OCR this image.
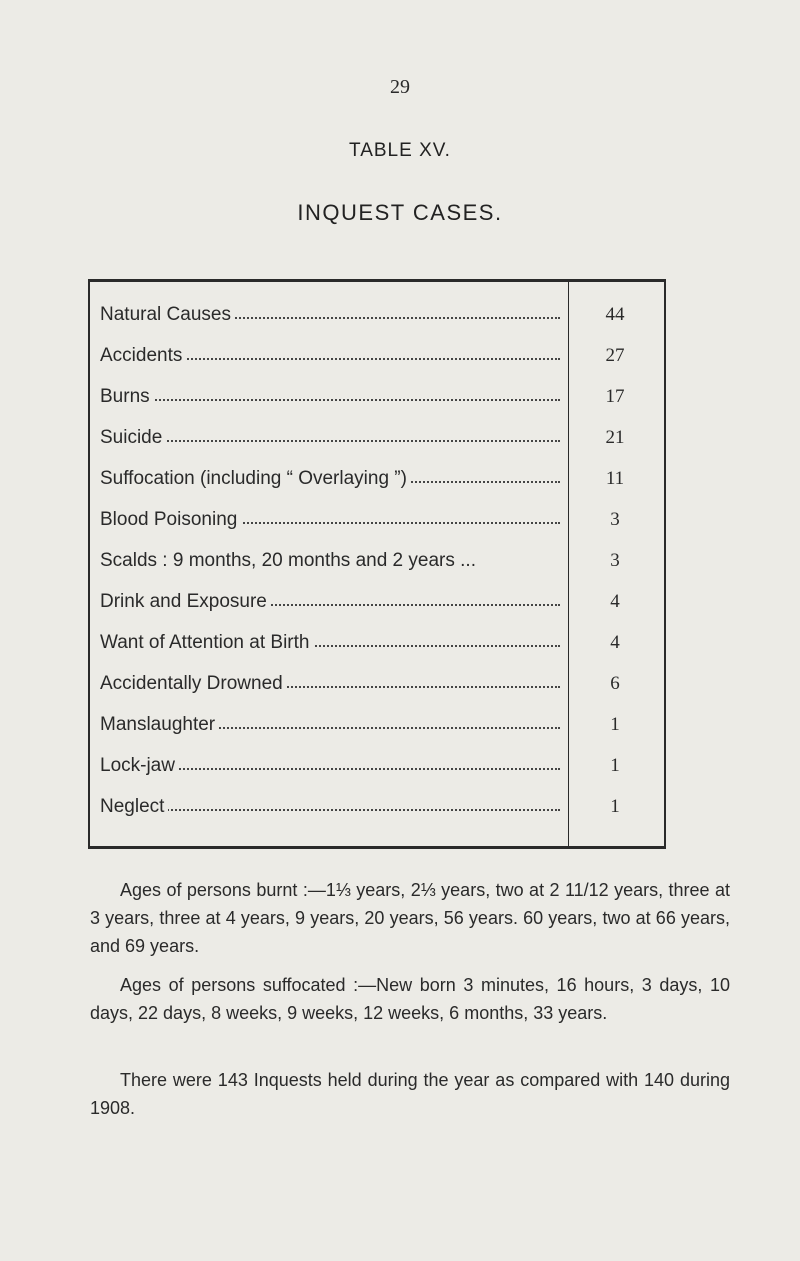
29
TABLE XV.
INQUEST CASES.
Natural Causes	44
Accidents	27
Burns	17
Suicide	21
Suffocation (including “ Overlaying ”)	11
Blood Poisoning	3
Scalds : 9 months, 20 months and 2 years ...	3
Drink and Exposure	4
Want of Attention at Birth	4
Accidentally Drowned	6
Manslaughter	1
Lock-jaw	1
Neglect	1

Ages of persons burnt :—1⅓ years, 2⅓ years, two at 2 11/12 years, three at 3 years, three at 4 years, 9 years, 20 years, 56 years. 60 years, two at 66 years, and 69 years.

Ages of persons suffocated :—New born 3 minutes, 16 hours, 3 days, 10 days, 22 days, 8 weeks, 9 weeks, 12 weeks, 6 months, 33 years.

There were 143 Inquests held during the year as compared with 140 during 1908.
